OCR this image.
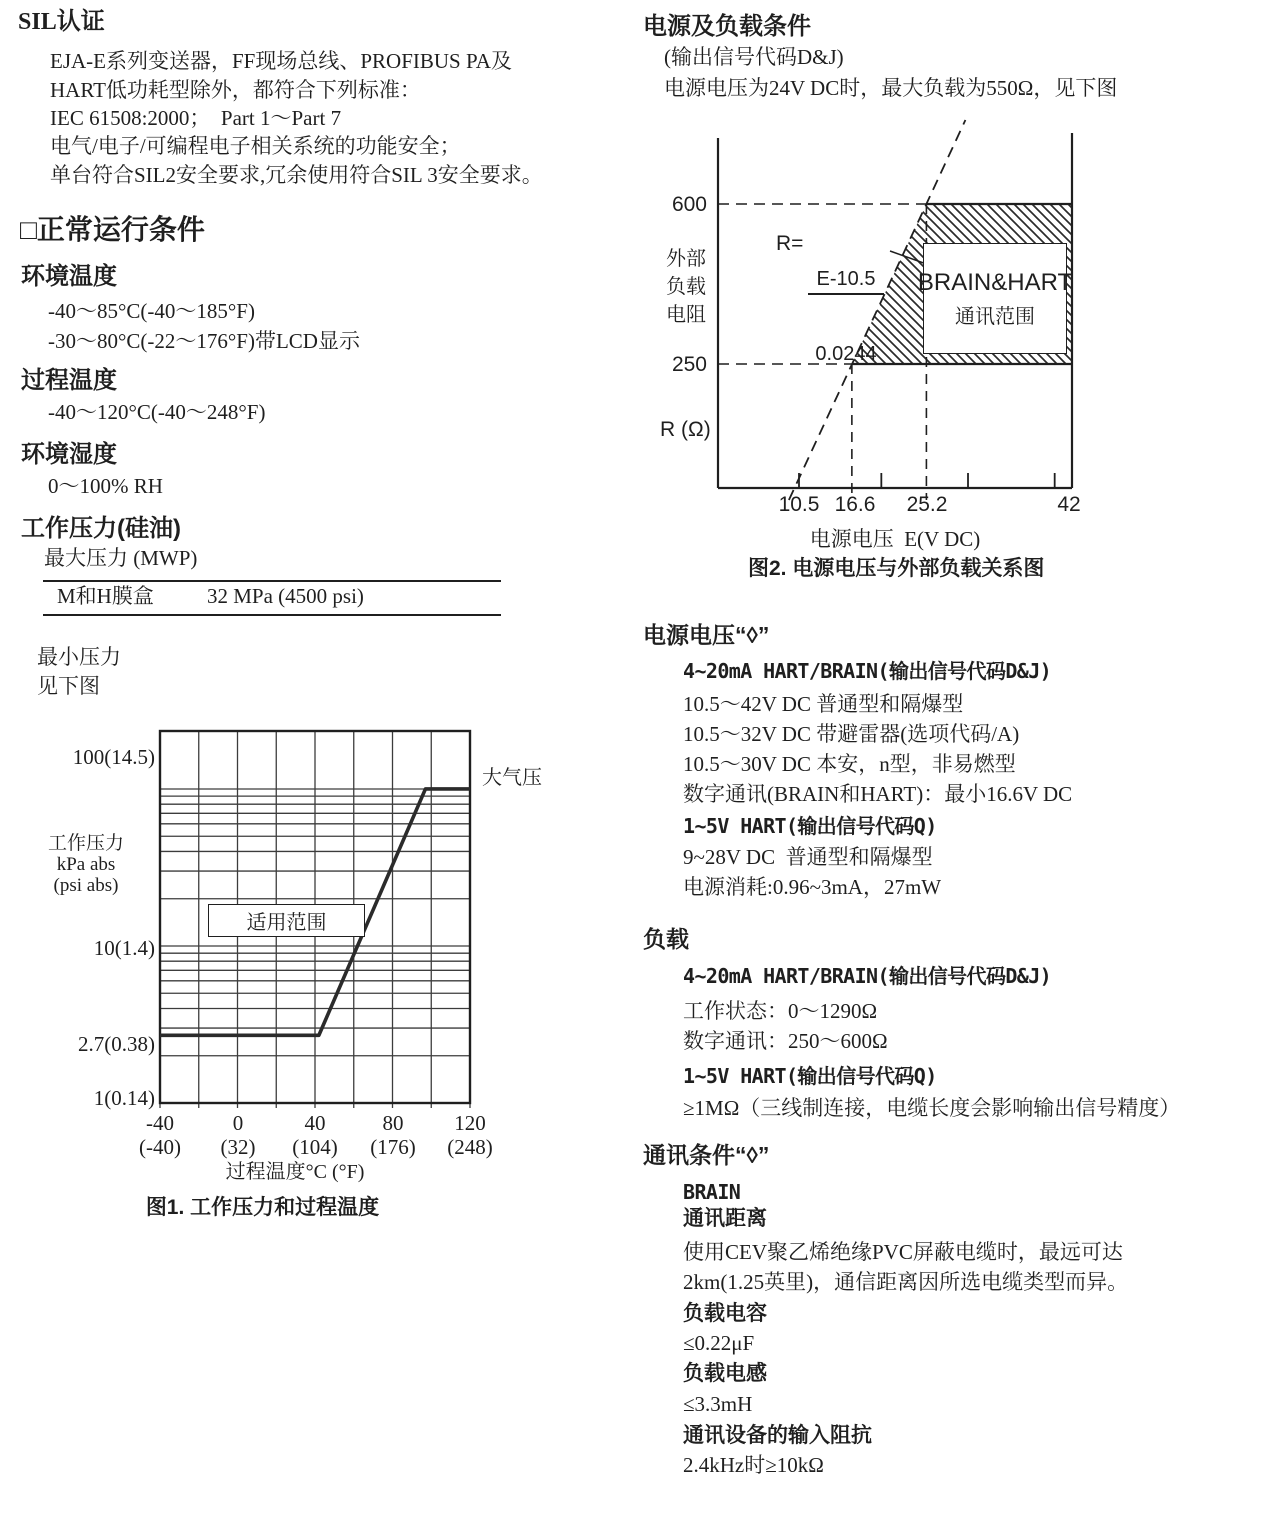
SIL认证
EJA-E系列变送器，FF现场总线、PROFIBUS PA及
HART低功耗型除外，都符合下列标准：
IEC 61508:2000；  Part 1～Part 7
电气/电子/可编程电子相关系统的功能安全；
单台符合SIL2安全要求,冗余使用符合SIL 3安全要求。
□正常运行条件
环境温度
-40～85°C(-40～185°F)
-30～80°C(-22～176°F)带LCD显示
过程温度
-40～120°C(-40～248°F)
环境湿度
0～100% RH
工作压力(硅油)
最大压力 (MWP)
M和H膜盒	32 MPa (4500 psi)
最小压力
见下图
100(14.5)
10(1.4)
2.7(0.38)
1(0.14)
工作压力
kPa abs
(psi abs)
大气压
适用范围
-40	0	40	80	120
(-40)	(32)	(104)	(176)	(248)
过程温度°C (°F)
图1. 工作压力和过程温度
电源及负载条件
(输出信号代码D&J)
电源电压为24V DC时，最大负载为550Ω，见下图
600
250
外部
负载
电阻
R (Ω)
R=

$\frac{E-10.5}{0.0244}$ BRAIN&HART
通讯范围
10.5 16.6	25.2	42
电源电压  E(V DC)
图2. 电源电压与外部负载关系图
电源电压“◊”
4~20mA HART/BRAIN(输出信号代码D&J)
10.5～42V DC 普通型和隔爆型
10.5～32V DC 带避雷器(选项代码/A)
10.5～30V DC 本安，n型，非易燃型
数字通讯(BRAIN和HART)：最小16.6V DC
1~5V HART(输出信号代码Q)
9~28V DC  普通型和隔爆型
电源消耗:0.96~3mA，27mW
负载
4~20mA HART/BRAIN(输出信号代码D&J)
工作状态：0～1290Ω
数字通讯：250～600Ω
1~5V HART(输出信号代码Q)
≥1MΩ（三线制连接，电缆长度会影响输出信号精度）
通讯条件“◊”
BRAIN
通讯距离
使用CEV聚乙烯绝缘PVC屏蔽电缆时，最远可达
2km(1.25英里)，通信距离因所选电缆类型而异。
负载电容
≤0.22μF
负载电感
≤3.3mH
通讯设备的输入阻抗
2.4kHz时≥10kΩ
